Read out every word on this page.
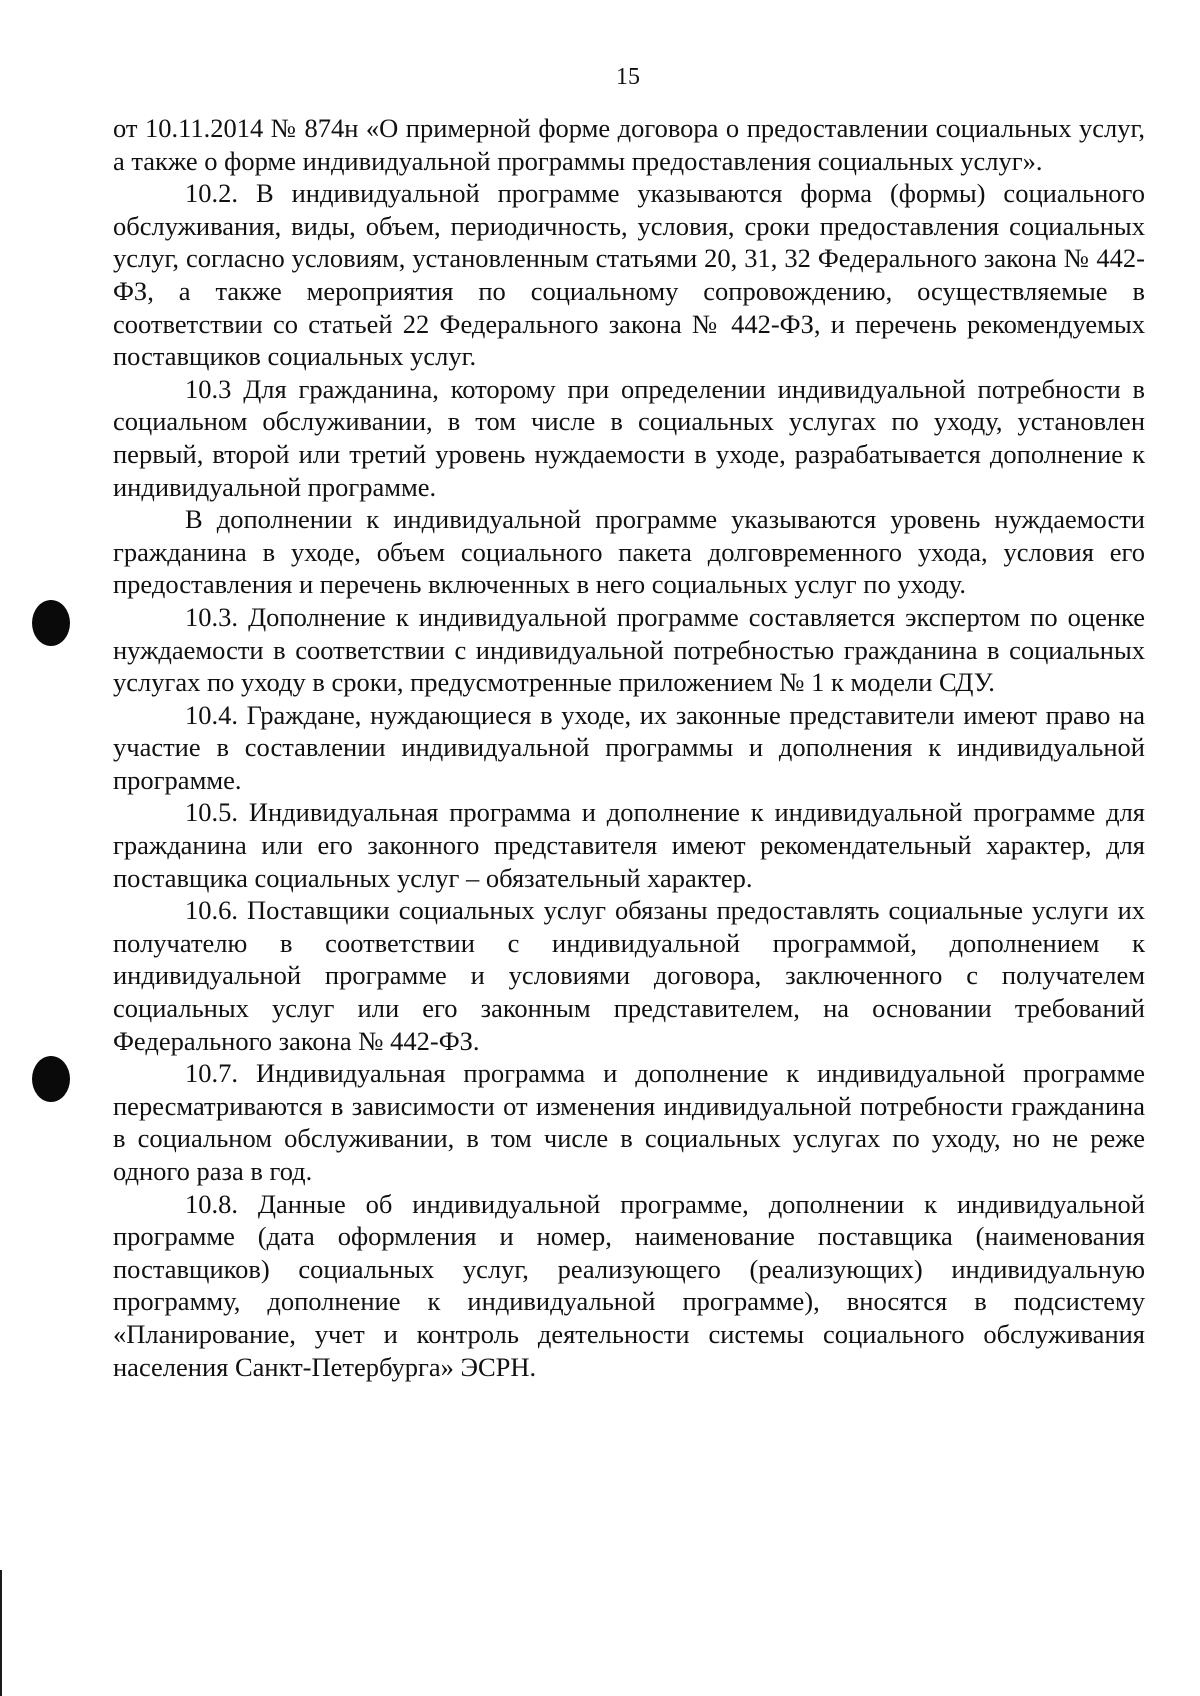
15

от 10.11.2014 № 874н «О примерной форме договора о предоставлении социальных услуг, а также о форме индивидуальной программы предоставления социальных услуг».

10.2. В индивидуальной программе указываются форма (формы) социального обслуживания, виды, объем, периодичность, условия, сроки предоставления социальных услуг, согласно условиям, установленным статьями 20, 31, 32 Федерального закона № 442-ФЗ, а также мероприятия по социальному сопровождению, осуществляемые в соответствии со статьей 22 Федерального закона № 442-ФЗ, и перечень рекомендуемых поставщиков социальных услуг.

10.3 Для гражданина, которому при определении индивидуальной потребности в социальном обслуживании, в том числе в социальных услугах по уходу, установлен первый, второй или третий уровень нуждаемости в уходе, разрабатывается дополнение к индивидуальной программе.

В дополнении к индивидуальной программе указываются уровень нуждаемости гражданина в уходе, объем социального пакета долговременного ухода, условия его предоставления и перечень включенных в него социальных услуг по уходу.

10.3. Дополнение к индивидуальной программе составляется экспертом по оценке нуждаемости в соответствии с индивидуальной потребностью гражданина в социальных услугах по уходу в сроки, предусмотренные приложением № 1 к модели СДУ.

10.4. Граждане, нуждающиеся в уходе, их законные представители имеют право на участие в составлении индивидуальной программы и дополнения к индивидуальной программе.

10.5. Индивидуальная программа и дополнение к индивидуальной программе для гражданина или его законного представителя имеют рекомендательный характер, для поставщика социальных услуг – обязательный характер.

10.6. Поставщики социальных услуг обязаны предоставлять социальные услуги их получателю в соответствии с индивидуальной программой, дополнением к индивидуальной программе и условиями договора, заключенного с получателем социальных услуг или его законным представителем, на основании требований Федерального закона № 442-ФЗ.

10.7. Индивидуальная программа и дополнение к индивидуальной программе пересматриваются в зависимости от изменения индивидуальной потребности гражданина в социальном обслуживании, в том числе в социальных услугах по уходу, но не реже одного раза в год.

10.8. Данные об индивидуальной программе, дополнении к индивидуальной программе (дата оформления и номер, наименование поставщика (наименования поставщиков) социальных услуг, реализующего (реализующих) индивидуальную программу, дополнение к индивидуальной программе), вносятся в подсистему «Планирование, учет и контроль деятельности системы социального обслуживания населения Санкт-Петербурга» ЭСРН.
